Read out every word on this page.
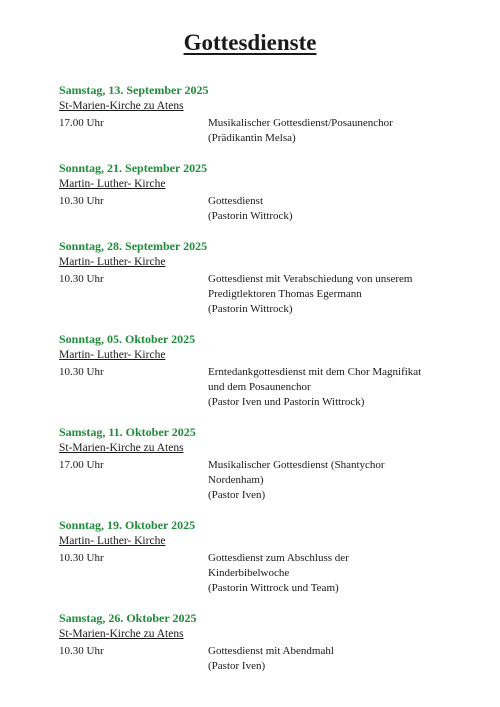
Gottesdienste
Samstag, 13. September 2025
St-Marien-Kirche zu Atens
17.00 Uhr	Musikalischer Gottesdienst/Posaunenchor
(Prädikantin Melsa)
Sonntag, 21. September 2025
Martin- Luther- Kirche
10.30 Uhr	Gottesdienst
(Pastorin Wittrock)
Sonntag, 28. September 2025
Martin- Luther- Kirche
10.30 Uhr	Gottesdienst mit Verabschiedung von unserem
Predigtlektoren Thomas Egermann
(Pastorin Wittrock)
Sonntag, 05. Oktober 2025
Martin- Luther- Kirche
10.30 Uhr	Erntedankgottesdienst mit dem Chor Magnifikat
und dem Posaunenchor
(Pastor Iven und Pastorin Wittrock)
Samstag, 11. Oktober 2025
St-Marien-Kirche zu Atens
17.00 Uhr	Musikalischer Gottesdienst (Shantychor
Nordenham)
(Pastor Iven)
Sonntag, 19. Oktober 2025
Martin- Luther- Kirche
10.30 Uhr	Gottesdienst zum Abschluss der
Kinderbibelwoche
(Pastorin Wittrock und Team)
Samstag, 26. Oktober 2025
St-Marien-Kirche zu Atens
10.30 Uhr	Gottesdienst mit Abendmahl
(Pastor Iven)
